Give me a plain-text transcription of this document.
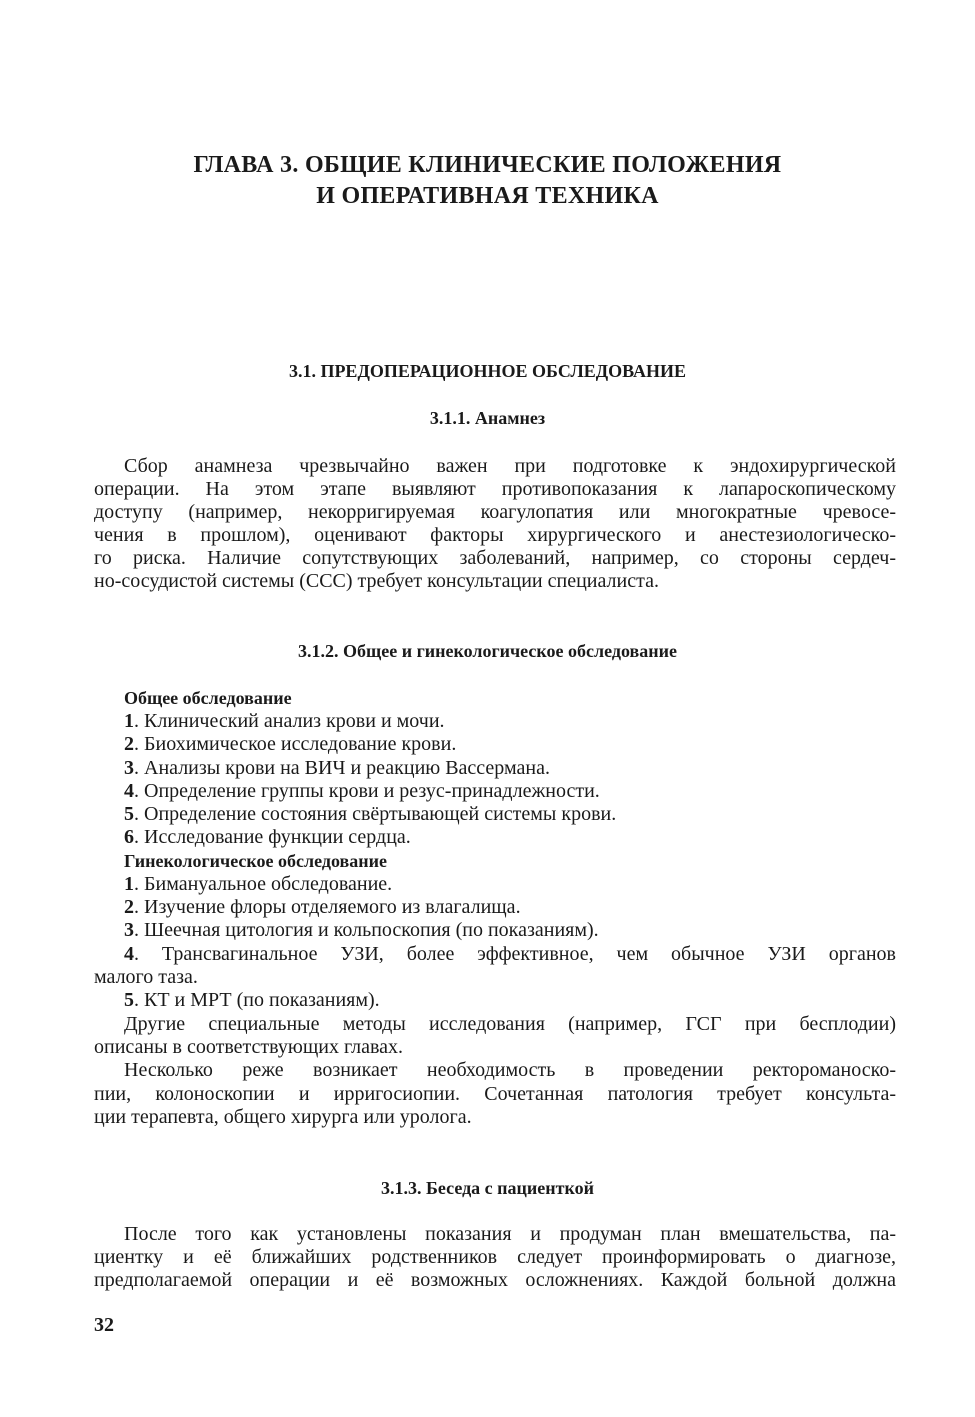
ГЛАВА 3. ОБЩИЕ КЛИНИЧЕСКИЕ ПОЛОЖЕНИЯ
И ОПЕРАТИВНАЯ ТЕХНИКА
3.1. ПРЕДОПЕРАЦИОННОЕ ОБСЛЕДОВАНИЕ
3.1.1. Анамнез

Сбор анамнеза чрезвычайно важен при подготовке к эндохирургической

операции. На этом этапе выявляют противопоказания к лапароскопическому

доступу (например, некорригируемая коагулопатия или многократные чревосе-

чения в прошлом), оценивают факторы хирургического и анестезиологическо-

го риска. Наличие сопутствующих заболеваний, например, со стороны сердеч-

но-сосудистой системы (ССС) требует консультации специалиста.

3.1.2. Общее и гинекологическое обследование

Общее обследование

1. Клинический анализ крови и мочи.

2. Биохимическое исследование крови.

3. Анализы крови на ВИЧ и реакцию Вассермана.

4. Определение группы крови и резус-принадлежности.

5. Определение состояния свёртывающей системы крови.

6. Исследование функции сердца.

Гинекологическое обследование

1. Бимануальное обследование.

2. Изучение флоры отделяемого из влагалища.

3. Шеечная цитология и кольпоскопия (по показаниям).

4. Трансвагинальное УЗИ, более эффективное, чем обычное УЗИ органов

малого таза.

5. КТ и МРТ (по показаниям).

Другие специальные методы исследования (например, ГСГ при бесплодии)

описаны в соответствующих главах.

Несколько реже возникает необходимость в проведении ректороманоско-

пии, колоноскопии и ирригосиопии. Сочетанная патология требует консульта-

ции терапевта, общего хирурга или уролога.

3.1.3. Беседа с пациенткой

После того как установлены показания и продуман план вмешательства, па-

циентку и её ближайших родственников следует проинформировать о диагнозе,

предполагаемой операции и её возможных осложнениях. Каждой больной должна

32
